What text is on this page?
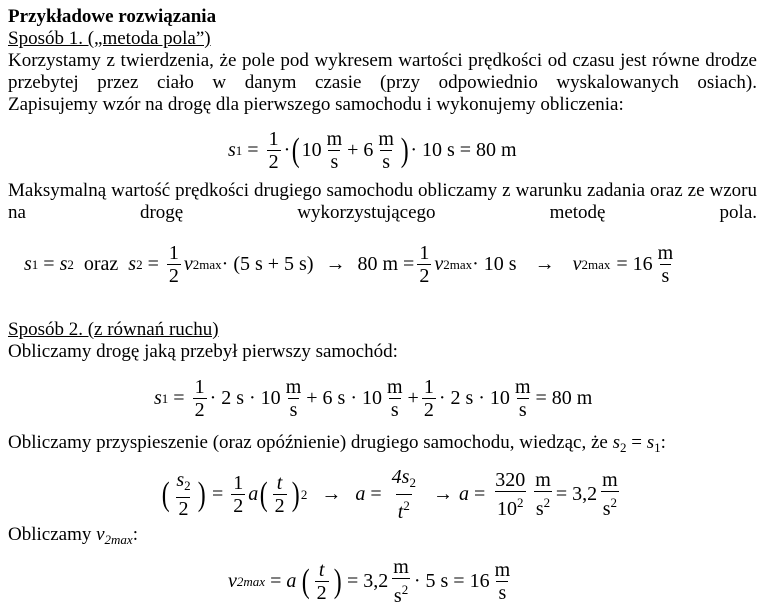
Przykładowe rozwiązania
Sposób 1. („metoda pola”)
Korzystamy z twierdzenia, że pole pod wykresem wartości prędkości od czasu jest równe drodze przebytej przez ciało w danym czasie (przy odpowiednio wyskalowanych osiach).
Zapisujemy wzór na drogę dla pierwszego samochodu i wykonujemy obliczenia:
s $1 = \frac{1}{2}$ · ( $10 \frac{m}{s} + 6 \frac{m}{s}$ ) · 10 s = 80 m
Maksymalną wartość prędkości drugiego samochodu obliczamy z warunku zadania oraz ze wzoru na drogę wykorzystującego metodę pola.
s 1 = s 2 oraz s $2 = \frac{1}{2}$ v 2max · (5 s + 5 s) → 80 $m = \frac{1}{2}$ v 2max · 10 s → v $2\max = 16 \frac{m}{s}$
Sposób 2. (z równań ruchu)
Obliczamy drogę jaką przebył pierwszy samochód:
s $1 = \frac{1}{2} \cdot 2$ $s \cdot 10 \frac{m}{s} + 6$ $s \cdot 10 \frac{m}{s} + \frac{1}{2} \cdot 2$ $s \cdot 10 \frac{m}{s} = 80$ m
Obliczamy przyspieszenie (oraz opóźnienie) drugiego samochodu, wiedząc, że $s_2 = s_1$:
( $\frac{s_2}{2}$ ) = $\frac{1}{2}$ a ( $\frac{t}{2}$ ) $2 \to a = \frac{4s_2}{t^2} \to a = \frac{320}{10^2} \frac{m}{s^2} = 3,2 \frac{m}{s^2}$
Obliczamy $v_{2max}$:
v 2max = a ( $\frac{t}{2}$ ) = $3,2 \frac{m}{s^2} \cdot 5$ $s = 16 \frac{m}{s}$
